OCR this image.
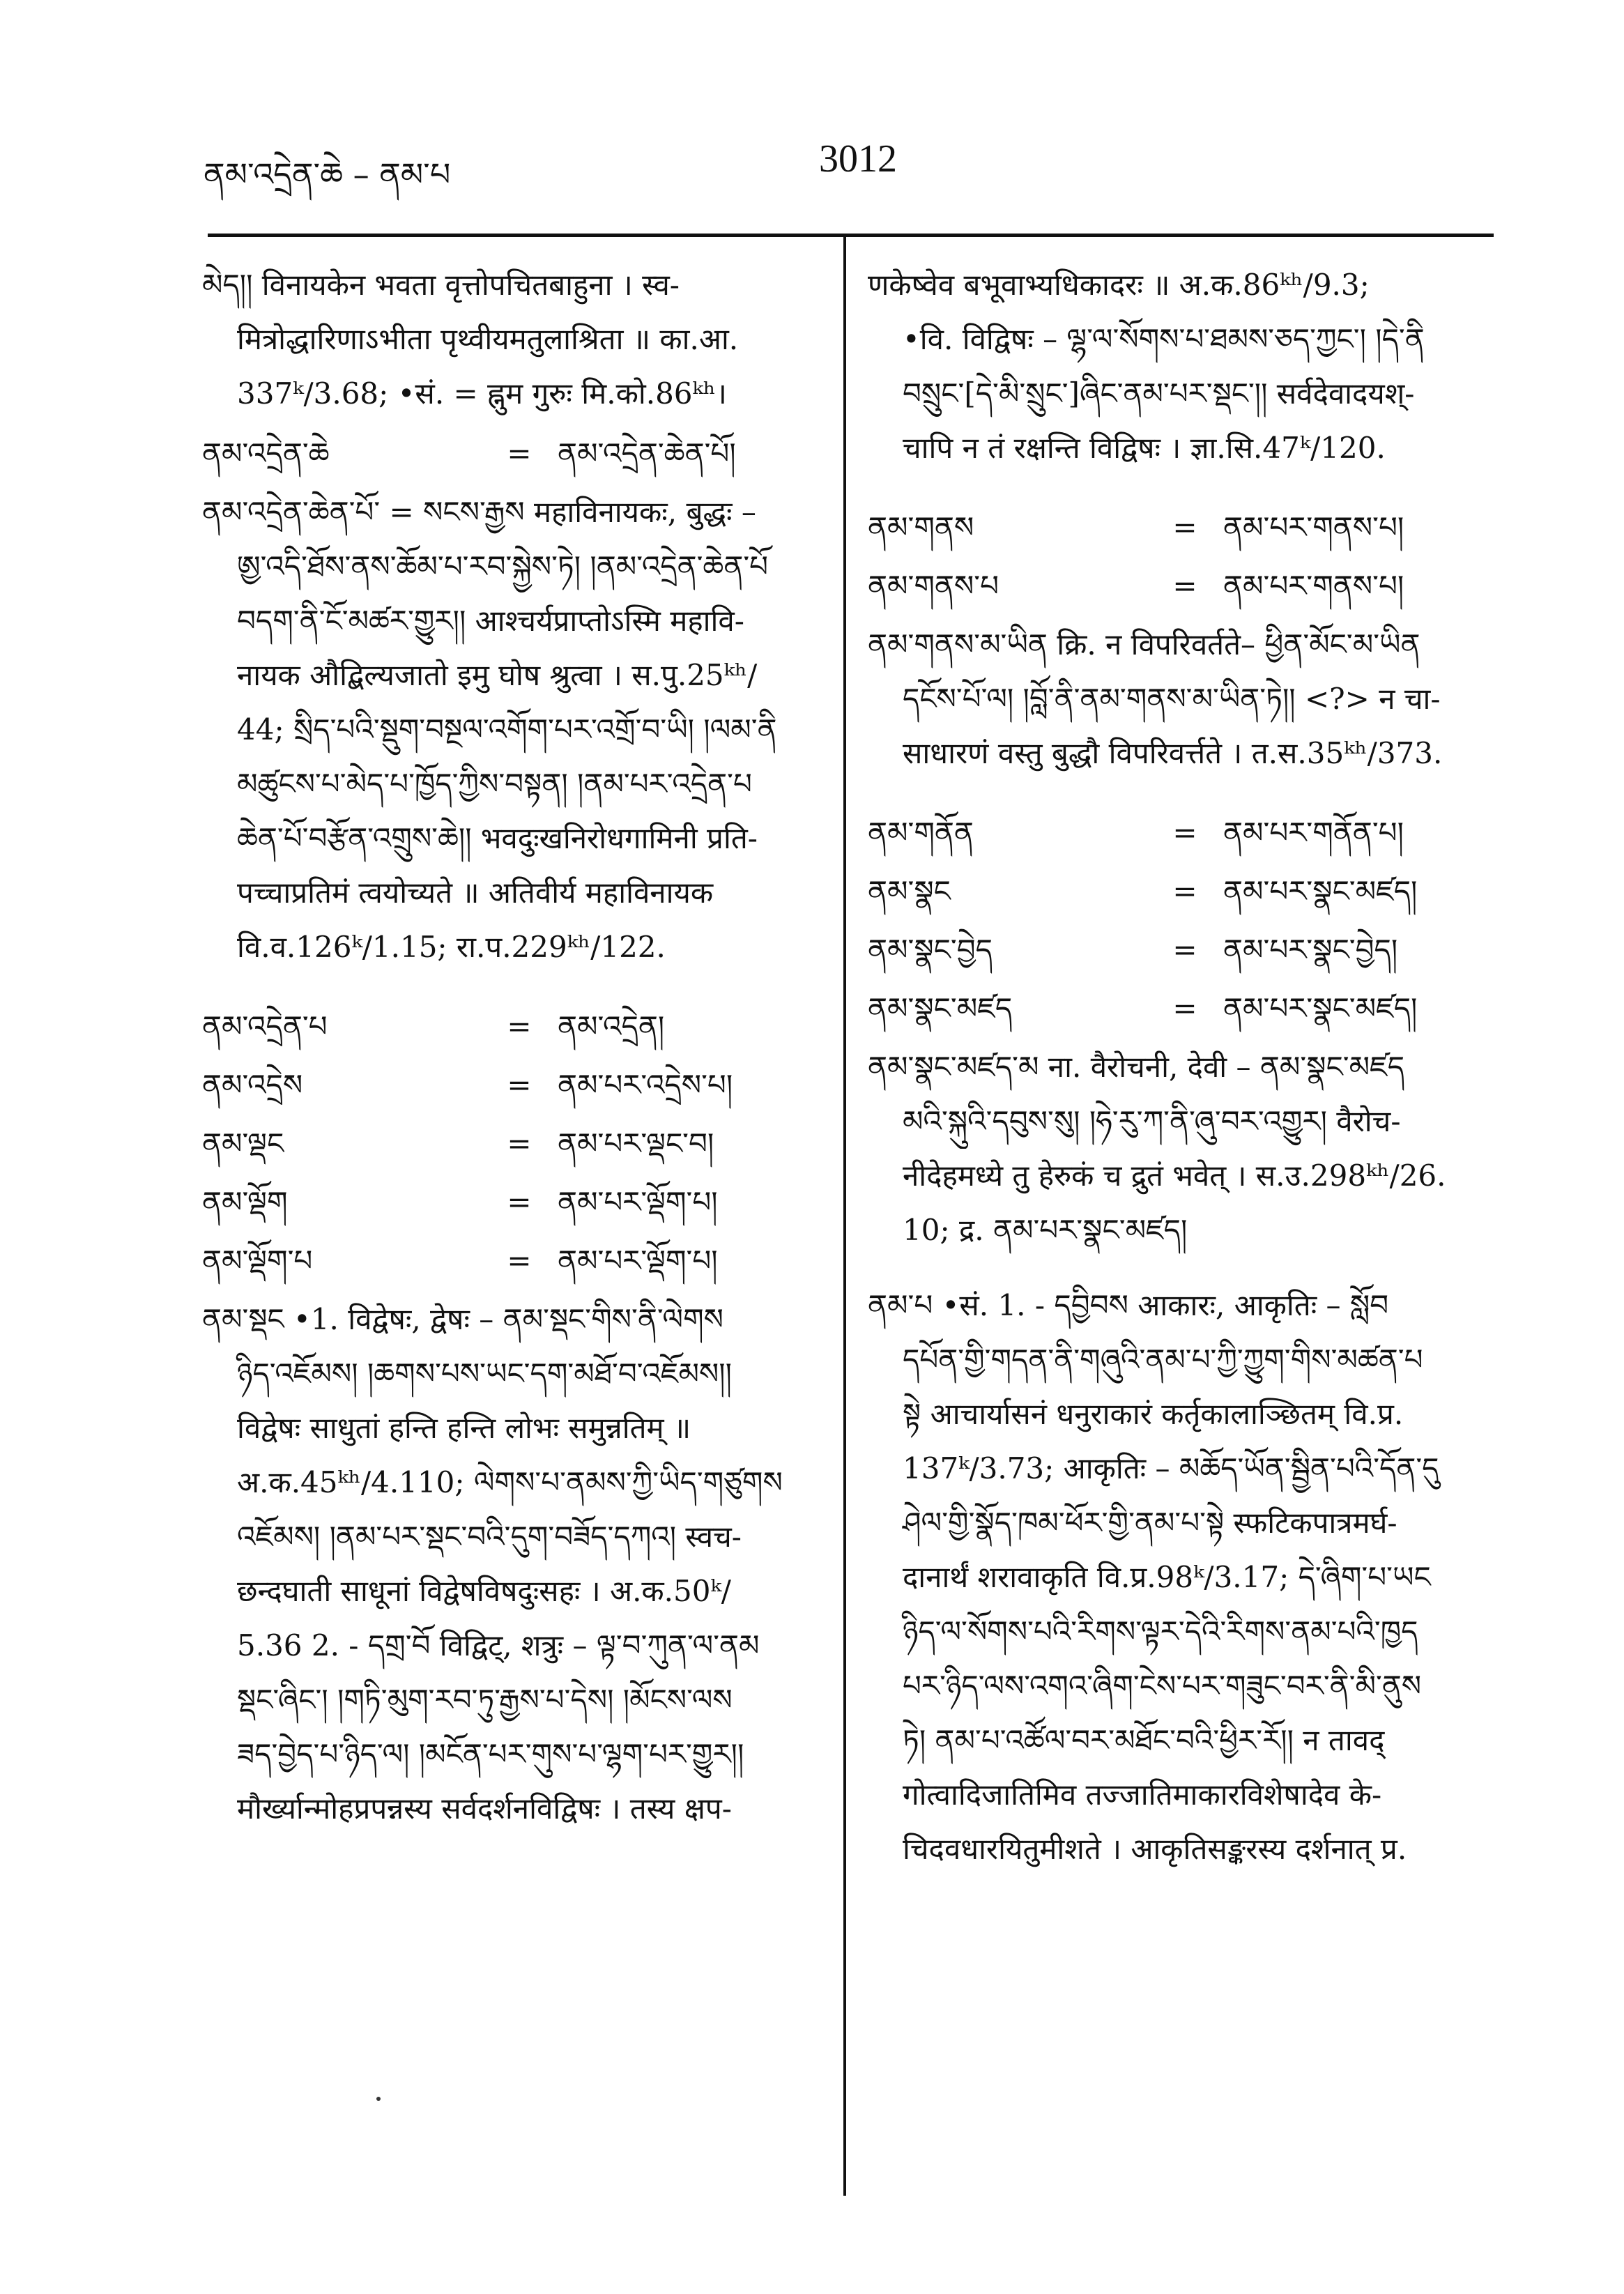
ནམ་འདྲེན་ཆེ – ནམ་པ	3012
མེད།། विनायकेन भवता वृत्तोपचितबाहुना । स्व-
मित्रोद्धारिणाऽभीता पृथ्वीयमतुलाश्रिता ॥ का.आ.
337ᵏ/3.68; •सं. = ह्नुम गुरुः मि.को.86ᵏʰ।
ནམ་འདྲེན་ཆེ	= ནམ་འདྲེན་ཆེན་པོ།
ནམ་འདྲེན་ཆེན་པོ་ = སངས་རྒྱས महाविनायकः, बुद्धः –
ཨྱ་འདི་ཐོས་ནས་ཆོམ་པ་རབ་སྐྱེས་ཏེ། །ནམ་འདྲེན་ཆེན་པོ
བདག་ནི་ངོ་མཚར་གྱུར།། आश्चर्यप्राप्तोऽस्मि महावि-
नायक औद्बिल्यजातो इमु घोष श्रुत्वा । स.पु.25ᵏʰ/
44; སྲིད་པའི་སྡུག་བསྔལ་འགོག་པར་འགྲོ་བ་ཡི། །ལམ་ནི
མཚུངས་པ་མེད་པ་ཁྱོད་ཀྱིས་བསྟན། །ནམ་པར་འདྲེན་པ
ཆེན་པོ་བརྩོན་འགྲུས་ཆེ།། भवदुःखनिरोधगामिनी प्रति-
पच्चाप्रतिमं त्वयोच्यते ॥ अतिवीर्य महाविनायक
वि.व.126ᵏ/1.15; रा.प.229ᵏʰ/122.
ནམ་འདྲེན་པ	= ནམ་འདྲེན།
ནམ་འདྲེས	= ནམ་པར་འདྲེས་པ།
ནམ་ལྡང	= ནམ་པར་ལྡང་བ།
ནམ་ལྡོག	= ནམ་པར་ལྡོག་པ།
ནམ་ལྡོག་པ	= ནམ་པར་ལྡོག་པ།
ནམ་སྡང •1. विद्वेषः, द्वेषः – ནམ་སྡང་གིས་ནི་ལེགས
ཉིད་འཇོམས། །ཆགས་པས་ཡང་དག་མཐོ་བ་འཇོམས།།
विद्वेषः साधुतां हन्ति हन्ति लोभः समुन्नतिम् ॥
अ.क.45ᵏʰ/4.110; ལེགས་པ་ནམས་ཀྱི་ཡིད་གཙུགས
འཇོམས། །ནམ་པར་སྡང་བའི་དུག་བཟོད་དཀའ། स्वच-
छन्दघाती साधूनां विद्वेषविषदुःसहः । अ.क.50ᵏ/
5.36 2. - དགྲ་བོ विद्विट्, शत्रुः – ལྟ་བ་ཀུན་ལ་ནམ
སྡང་ཞིང་། །གཏི་མུག་རབ་ཏུ་རྒྱས་པ་དེས། །མོངས་ལས
ཟད་བྱེད་པ་ཉིད་ལ། །མངོན་པར་གུས་པ་ལྷག་པར་གྱུར།།
मौर्ख्यान्मोहप्रपन्नस्य सर्वदर्शनविद्विषः । तस्य क्षप-
णकेष्वेव बभूवाभ्यधिकादरः ॥ अ.क.86ᵏʰ/9.3;
•वि. विद्विषः – ལྷ་ལ་སོགས་པ་ཐམས་ཅད་ཀྱང་། །དེ་ནི
བསྲུང་[དེ་མི་སྲུང་]ཞིང་ནམ་པར་སྡང་།། सर्वदेवादयश्-
चापि न तं रक्षन्ति विद्विषः । ज्ञा.सि.47ᵏ/120.
ནམ་གནས	= ནམ་པར་གནས་པ།
ནམ་གནས་པ	= ནམ་པར་གནས་པ།
ནམ་གནས་མ་ཡིན क्रि. न विपरिवर्तते– ཕྱིན་མོང་མ་ཡིན
དངོས་པོ་ལ། །བློ་ནི་ནམ་གནས་མ་ཡིན་ཏེ།། <?> न चा-
साधारणं वस्तु बुद्धौ विपरिवर्त्तते । त.स.35ᵏʰ/373.
ནམ་གནོན	= ནམ་པར་གནོན་པ།
ནམ་སྣང	= ནམ་པར་སྣང་མཛད།
ནམ་སྣང་བྱེད	= ནམ་པར་སྣང་བྱེད།
ནམ་སྣང་མཛད	= ནམ་པར་སྣང་མཛད།
ནམ་སྣང་མཛད་མ ना. वैरोचनी, देवी – ནམ་སྣང་མཛད
མའི་སྐུའི་དབུས་སུ། །ཧེ་རུ་ཀ་ནི་ཞུ་བར་འགྱུར། वैरोच-
नीदेहमध्ये तु हेरुकं च द्रुतं भवेत् । स.उ.298ᵏʰ/26.
10; द्र. ནམ་པར་སྣང་མཛད།
ནམ་པ •सं. 1. - དབྱིབས आकारः, आकृतिः – སློབ
དཔོན་གྱི་གདན་ནི་གཞུའི་ནམ་པ་ཀྱི་ཀྱུག་གིས་མཚན་པ
སྟེ आचार्यासनं धनुराकारं कर्तृकालाञ्छितम् वि.प्र.
137ᵏ/3.73; आकृतिः – མཆོད་ཡོན་སྦྱིན་པའི་དོན་དུ
ཤེལ་གྱི་སྣོད་ཁམ་ཕོར་གྱི་ནམ་པ་སྟེ स्फटिकपात्रमर्घ-
दानार्थं शरावाकृति वि.प्र.98ᵏ/3.17; དེ་ཞིག་པ་ཡང
ཉིད་ལ་སོགས་པའི་རིགས་ལྟར་དེའི་རིགས་ནམ་པའི་ཁྱད
པར་ཉིད་ལས་འགའ་ཞིག་ངེས་པར་གཟུང་བར་ནི་མི་ནུས
ཏེ། ནམ་པ་འཚོལ་བར་མཐོང་བའི་ཕྱིར་རོ།། न तावद्
गोत्वादिजातिमिव तज्जातिमाकारविशेषादेव के-
चिदवधारयितुमीशते । आकृतिसङ्करस्य दर्शनात् प्र.
